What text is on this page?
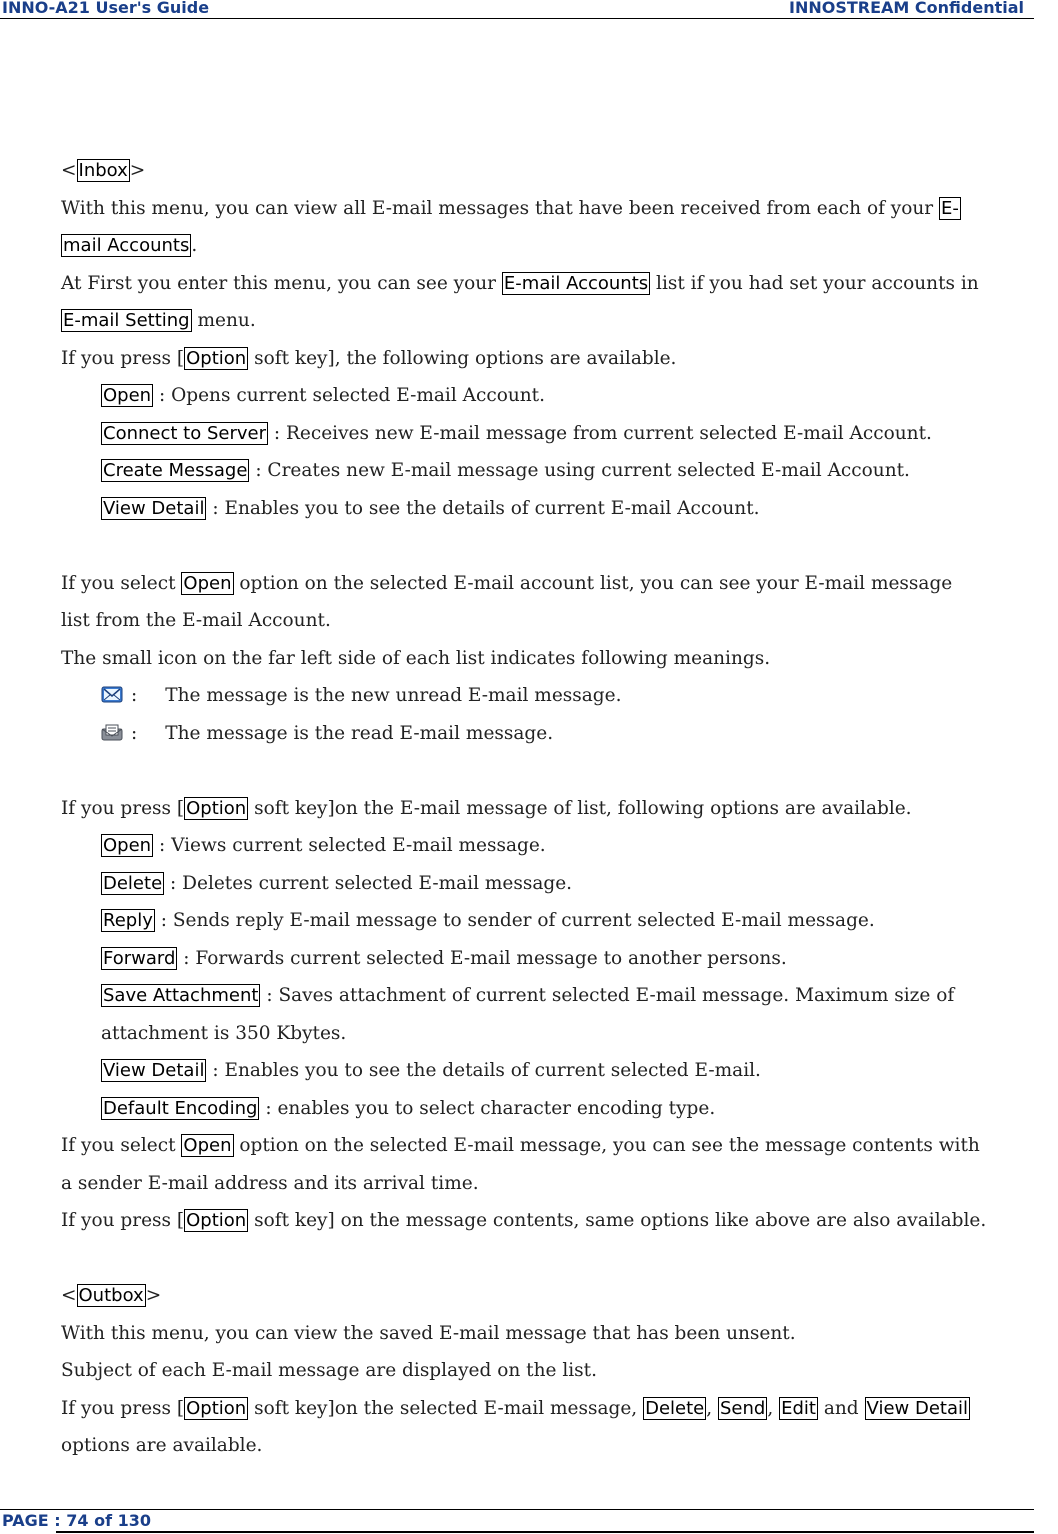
INNO-A21 User's Guide	INNOSTREAM Confidential
< Inbox >
With this menu, you can view all E-mail messages that have been received from each of your E-
mail Accounts .
At First you enter this menu, you can see your E-mail Accounts list if you had set your accounts in
E-mail Setting menu.
If you press [ Option soft key], the following options are available.
Open : Opens current selected E-mail Account.
Connect to Server : Receives new E-mail message from current selected E-mail Account.
Create Message : Creates new E-mail message using current selected E-mail Account.
View Detail : Enables you to see the details of current E-mail Account.
If you select Open option on the selected E-mail account list, you can see your E-mail message
list from the E-mail Account.
The small icon on the far left side of each list indicates following meanings.
: The message is the new unread E-mail message.
: The message is the read E-mail message.
If you press [ Option soft key]on the E-mail message of list, following options are available.
Open : Views current selected E-mail message.
Delete : Deletes current selected E-mail message.
Reply : Sends reply E-mail message to sender of current selected E-mail message.
Forward : Forwards current selected E-mail message to another persons.
Save Attachment : Saves attachment of current selected E-mail message. Maximum size of
attachment is 350 Kbytes.
View Detail : Enables you to see the details of current selected E-mail.
Default Encoding : enables you to select character encoding type.
If you select Open option on the selected E-mail message, you can see the message contents with
a sender E-mail address and its arrival time.
If you press [ Option soft key] on the message contents, same options like above are also available.
< Outbox >
With this menu, you can view the saved E-mail message that has been unsent.
Subject of each E-mail message are displayed on the list.
If you press [ Option soft key]on the selected E-mail message, Delete , Send , Edit and View Detail
options are available.
PAGE : 74 of 130
